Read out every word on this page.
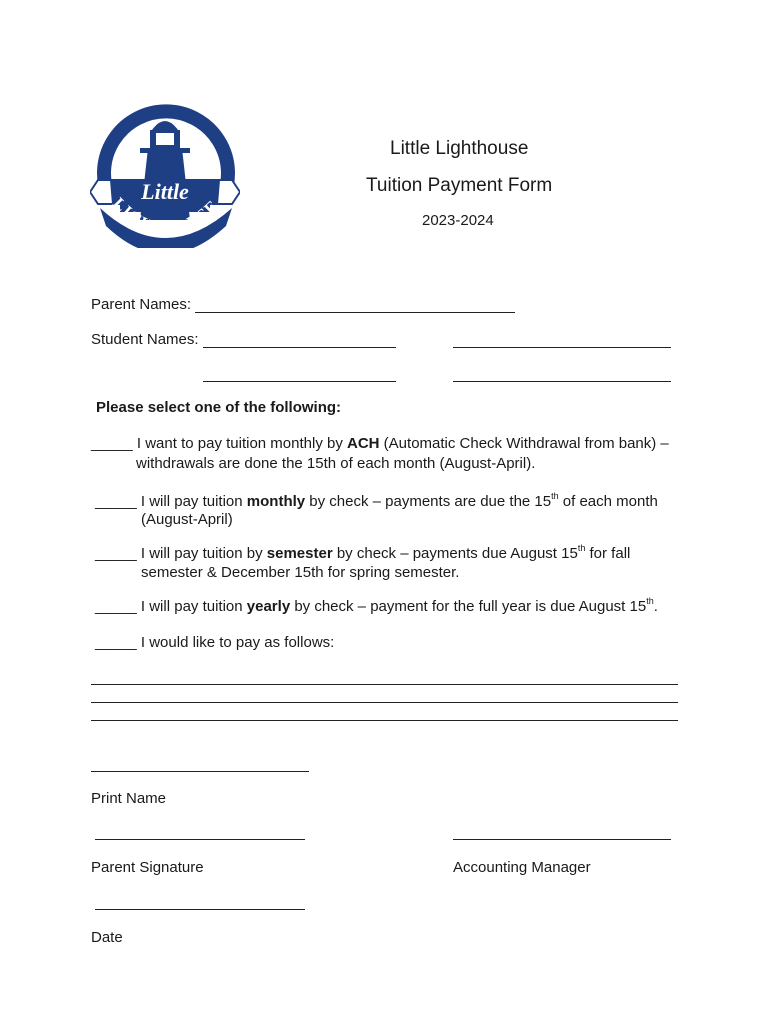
Little
LIGHTHOUSE
Little Lighthouse
Tuition Payment Form
2023-2024
Parent Names:
Student Names:
Please select one of the following:
_____ I want to pay tuition monthly by ACH (Automatic Check Withdrawal from bank) –
withdrawals are done the 15th of each month (August-April).
_____ I will pay tuition monthly by check – payments are due the 15th of each month
(August-April)
_____ I will pay tuition by semester by check – payments due August 15th for fall
semester & December 15th for spring semester.
_____ I will pay tuition yearly by check – payment for the full year is due August 15th.
_____ I would like to pay as follows:
Print Name
Parent Signature	Accounting Manager
Date
